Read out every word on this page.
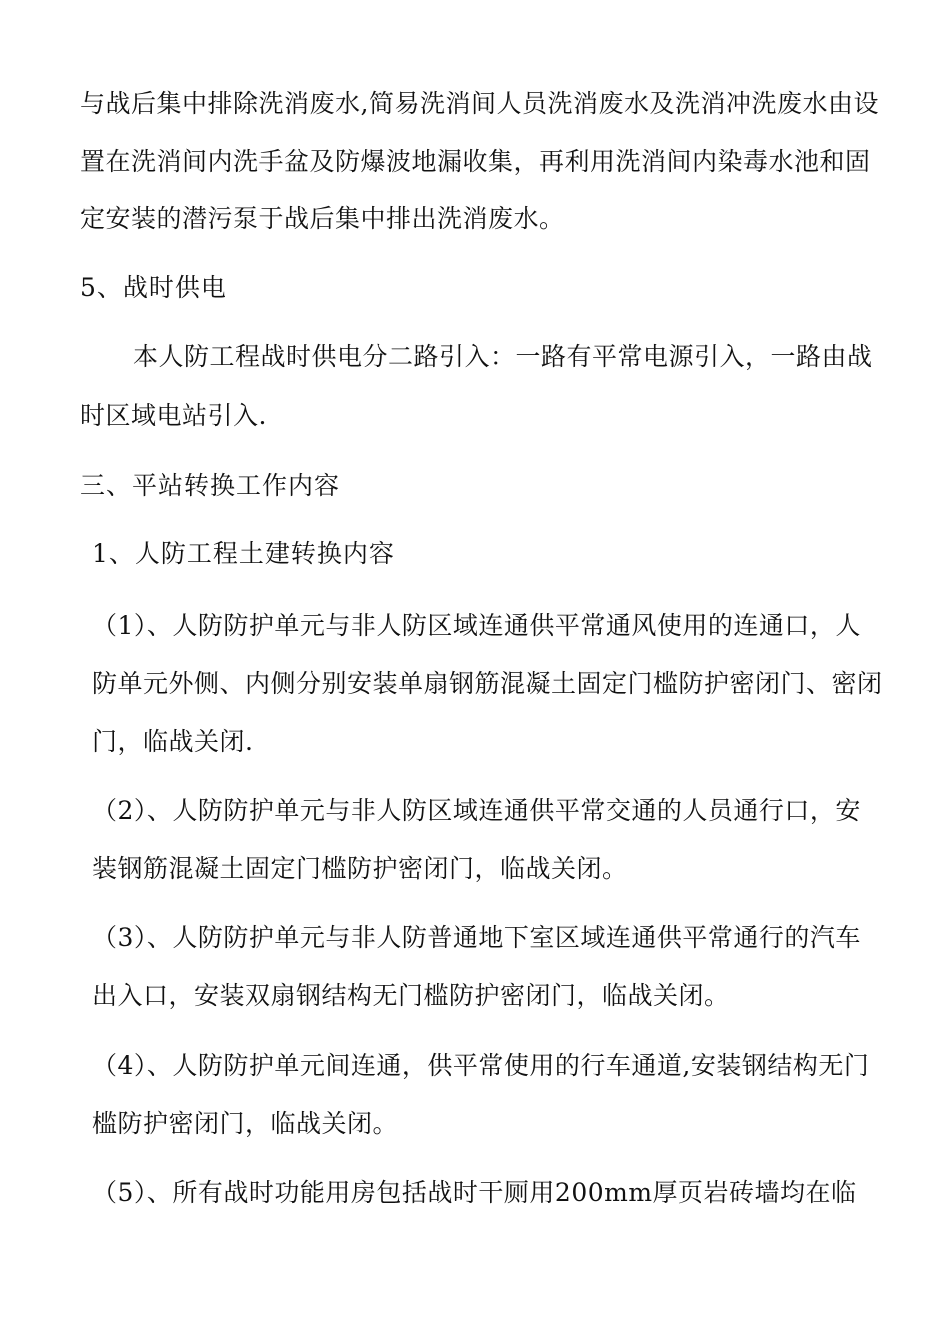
与战后集中排除洗消废水,简易洗消间人员洗消废水及洗消冲洗废水由设
置在洗消间内洗手盆及防爆波地漏收集，再利用洗消间内染毒水池和固
定安装的潜污泵于战后集中排出洗消废水。
5、战时供电
本人防工程战时供电分二路引入：一路有平常电源引入，一路由战
时区域电站引入.
三、平站转换工作内容
1、人防工程土建转换内容
（1）、人防防护单元与非人防区域连通供平常通风使用的连通口，人
防单元外侧、内侧分别安装单扇钢筋混凝土固定门槛防护密闭门、密闭
门，临战关闭.
（2）、人防防护单元与非人防区域连通供平常交通的人员通行口，安
装钢筋混凝土固定门槛防护密闭门，临战关闭。
（3）、人防防护单元与非人防普通地下室区域连通供平常通行的汽车
出入口，安装双扇钢结构无门槛防护密闭门，临战关闭。
（4）、人防防护单元间连通，供平常使用的行车通道,安装钢结构无门
槛防护密闭门，临战关闭。
（5）、所有战时功能用房包括战时干厕用200mm厚页岩砖墙均在临
